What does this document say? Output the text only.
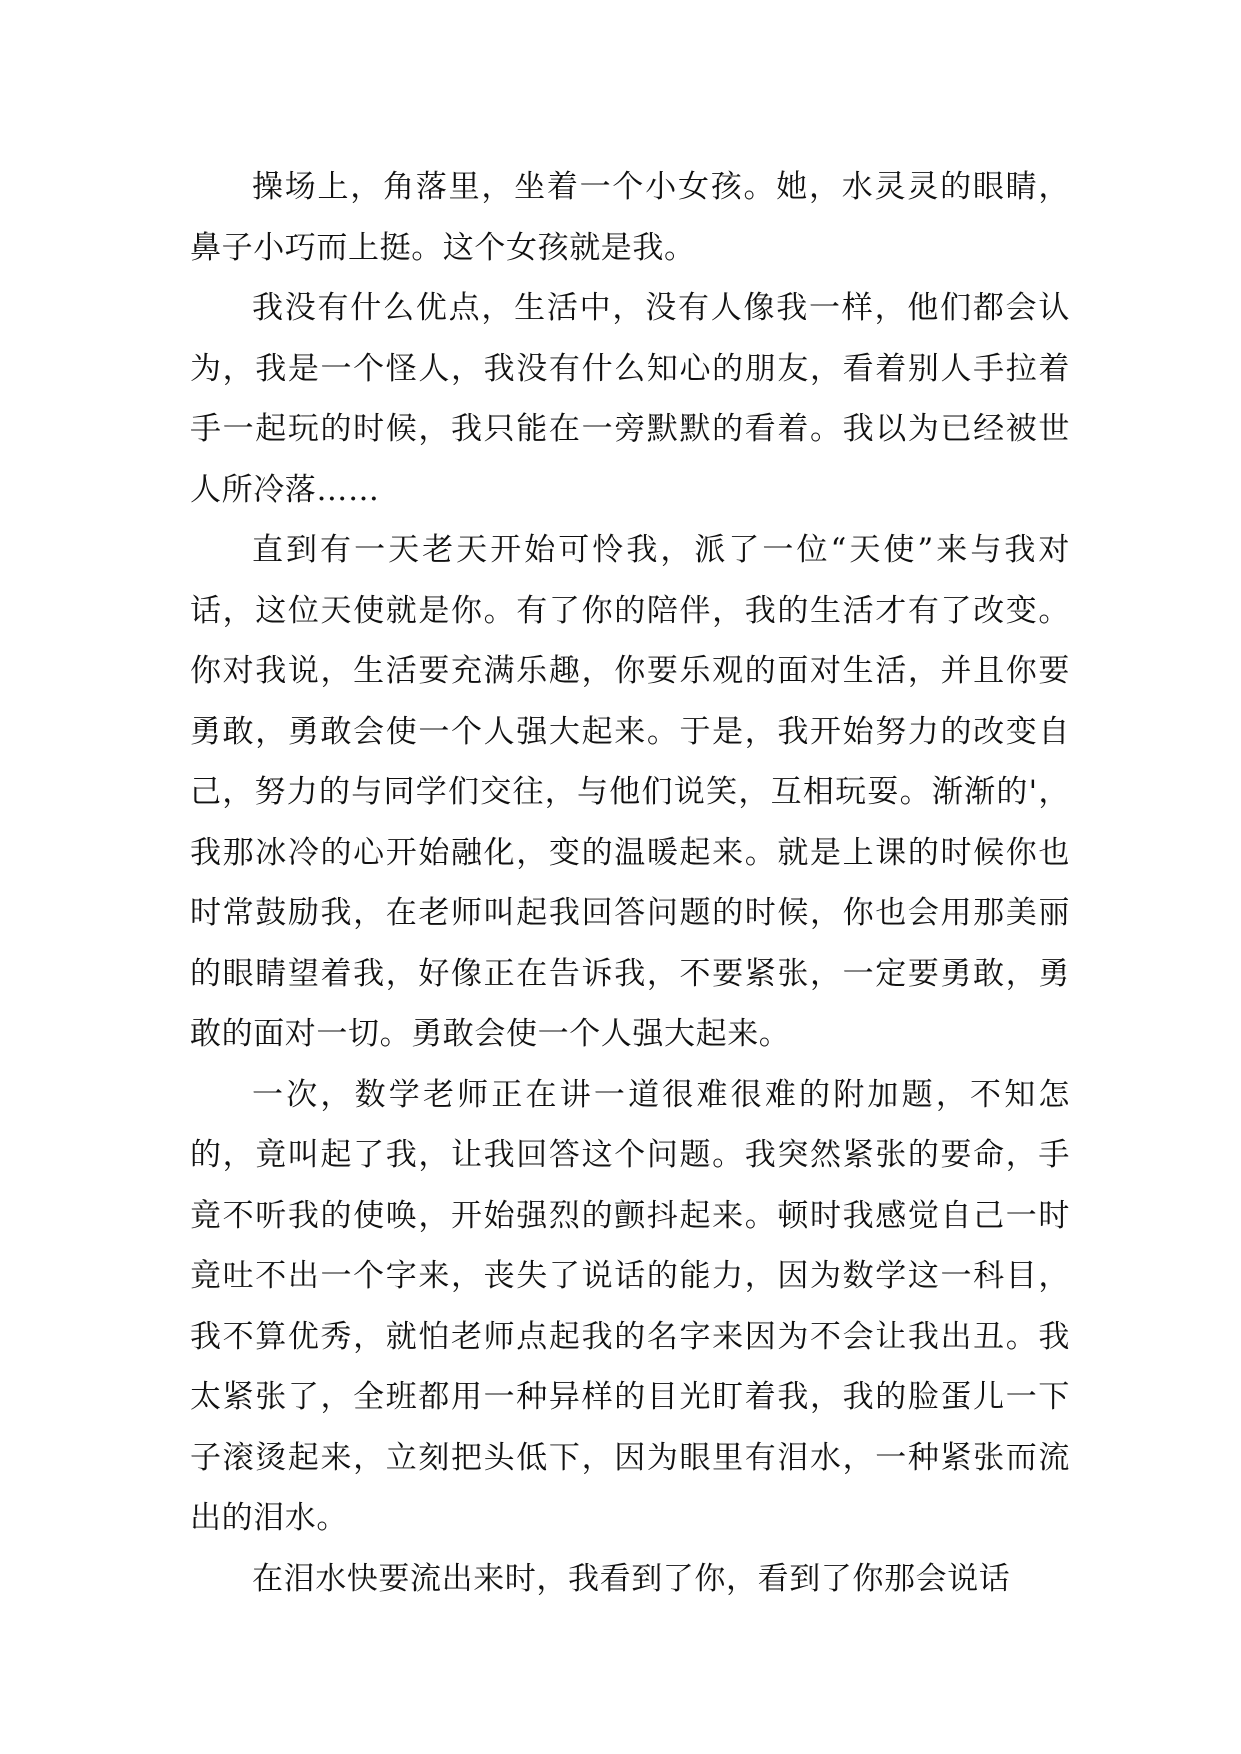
操场上，角落里，坐着一个小女孩。她，水灵灵的眼睛，鼻子小巧而上挺。这个女孩就是我。

我没有什么优点，生活中，没有人像我一样，他们都会认为，我是一个怪人，我没有什么知心的朋友，看着别人手拉着手一起玩的时候，我只能在一旁默默的看着。我以为已经被世人所冷落……

直到有一天老天开始可怜我，派了一位“天使”来与我对话，这位天使就是你。有了你的陪伴，我的生活才有了改变。你对我说，生活要充满乐趣，你要乐观的面对生活，并且你要勇敢，勇敢会使一个人强大起来。于是，我开始努力的改变自己，努力的与同学们交往，与他们说笑，互相玩耍。渐渐的'，我那冰冷的心开始融化，变的温暖起来。就是上课的时候你也时常鼓励我，在老师叫起我回答问题的时候，你也会用那美丽的眼睛望着我，好像正在告诉我，不要紧张，一定要勇敢，勇敢的面对一切。勇敢会使一个人强大起来。

一次，数学老师正在讲一道很难很难的附加题，不知怎的，竟叫起了我，让我回答这个问题。我突然紧张的要命，手竟不听我的使唤，开始强烈的颤抖起来。顿时我感觉自己一时竟吐不出一个字来，丧失了说话的能力，因为数学这一科目，我不算优秀，就怕老师点起我的名字来因为不会让我出丑。我太紧张了，全班都用一种异样的目光盯着我，我的脸蛋儿一下子滚烫起来，立刻把头低下，因为眼里有泪水，一种紧张而流出的泪水。

在泪水快要流出来时，我看到了你，看到了你那会说话
